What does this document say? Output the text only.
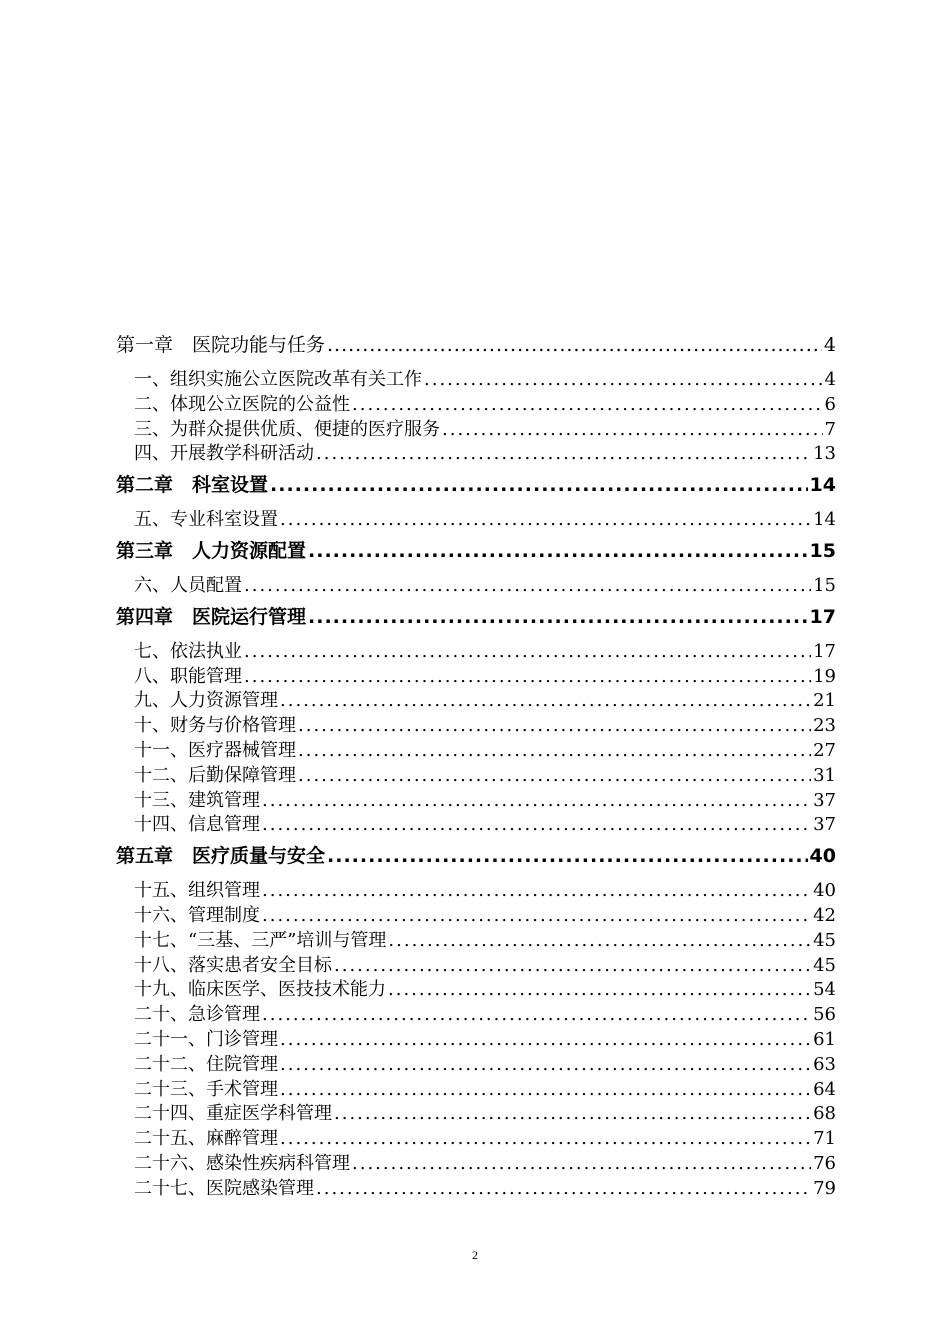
第一章　医院功能与任务 .....	4
一、组织实施公立医院改革有关工作 .....	4
二、体现公立医院的公益性 .....	6
三、为群众提供优质、便捷的医疗服务 .....	7
四、开展教学科研活动 .....	13
第二章　科室设置 .....	14
五、专业科室设置 .....	14
第三章　人力资源配置 .....	15
六、人员配置 .....	15
第四章　医院运行管理 .....	17
七、依法执业 .....	17
八、职能管理 .....	19
九、人力资源管理 .....	21
十、财务与价格管理 .....	23
十一、医疗器械管理 .....	27
十二、后勤保障管理 .....	31
十三、建筑管理 .....	37
十四、信息管理 .....	37
第五章　医疗质量与安全 .....	40
十五、组织管理 .....	40
十六、管理制度 .....	42
十七、“三基、三严”培训与管理 .....	45
十八、落实患者安全目标 .....	45
十九、临床医学、医技技术能力 .....	54
二十、急诊管理 .....	56
二十一、门诊管理 .....	61
二十二、住院管理 .....	63
二十三、手术管理 .....	64
二十四、重症医学科管理 .....	68
二十五、麻醉管理 .....	71
二十六、感染性疾病科管理 .....	76
二十七、医院感染管理 .....	79
2
